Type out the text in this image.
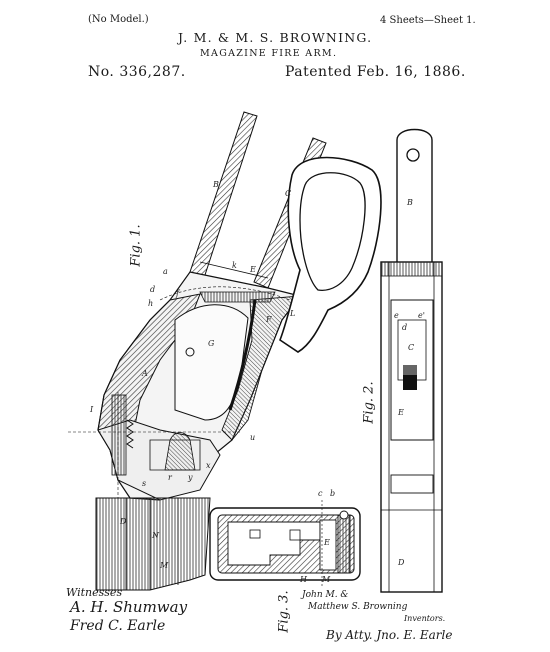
(No Model.)	4 Sheets—Sheet 1.
J. M. & M. S. BROWNING.
MAGAZINE FIRE ARM.
No. 336,287.	Patented Feb. 16, 1886.
B
C
E
k
a
d
h
f
F
G
L
I
I
A
D
M
N
s
r y
x
u
B
e e'
d
C
E
D
c b
E
H M
Fig. 1.
Fig. 2.
Fig. 3.
Witnesses
A. H. Shumway
Fred C. Earle
John M. &
Matthew S. Browning
Inventors.
By Atty. Jno. E. Earle
